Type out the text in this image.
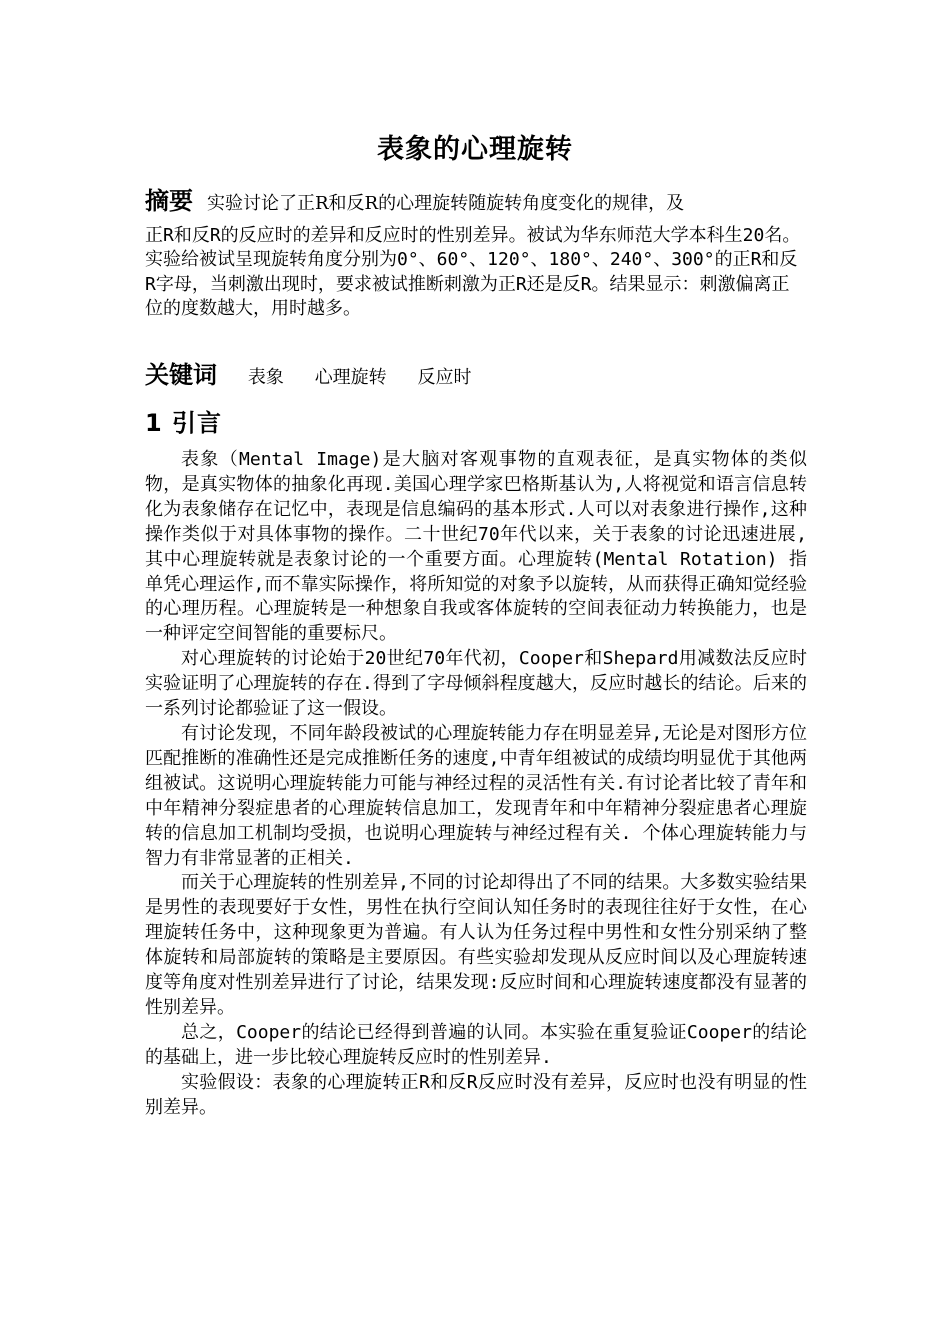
表象的心理旋转
摘要 实验讨论了正R和反R的心理旋转随旋转角度变化的规律，及
正R和反R的反应时的差异和反应时的性别差异。被试为华东师范大学本科生20名。实验给被试呈现旋转角度分别为0°、60°、120°、180°、240°、300°的正R和反R字母，当刺激出现时，要求被试推断刺激为正R还是反R。结果显示：刺激偏离正位的度数越大，用时越多。
关键词 表象 心理旋转 反应时
1 引言

表象（Mental Image)是大脑对客观事物的直观表征，是真实物体的类似物，是真实物体的抽象化再现.美国心理学家巴格斯基认为,人将视觉和语言信息转化为表象储存在记忆中，表现是信息编码的基本形式.人可以对表象进行操作,这种操作类似于对具体事物的操作。二十世纪70年代以来，关于表象的讨论迅速进展,其中心理旋转就是表象讨论的一个重要方面。心理旋转(Mental Rotation) 指单凭心理运作,而不靠实际操作，将所知觉的对象予以旋转，从而获得正确知觉经验的心理历程。心理旋转是一种想象自我或客体旋转的空间表征动力转换能力，也是一种评定空间智能的重要标尺。

对心理旋转的讨论始于20世纪70年代初，Cooper和Shepard用减数法反应时实验证明了心理旋转的存在.得到了字母倾斜程度越大，反应时越长的结论。后来的一系列讨论都验证了这一假设。

有讨论发现，不同年龄段被试的心理旋转能力存在明显差异,无论是对图形方位匹配推断的准确性还是完成推断任务的速度,中青年组被试的成绩均明显优于其他两组被试。这说明心理旋转能力可能与神经过程的灵活性有关.有讨论者比较了青年和中年精神分裂症患者的心理旋转信息加工，发现青年和中年精神分裂症患者心理旋转的信息加工机制均受损，也说明心理旋转与神经过程有关. 个体心理旋转能力与智力有非常显著的正相关.

而关于心理旋转的性别差异,不同的讨论却得出了不同的结果。大多数实验结果是男性的表现要好于女性，男性在执行空间认知任务时的表现往往好于女性，在心理旋转任务中，这种现象更为普遍。有人认为任务过程中男性和女性分别采纳了整体旋转和局部旋转的策略是主要原因。有些实验却发现从反应时间以及心理旋转速度等角度对性别差异进行了讨论，结果发现:反应时间和心理旋转速度都没有显著的性别差异。

总之，Cooper的结论已经得到普遍的认同。本实验在重复验证Cooper的结论的基础上，进一步比较心理旋转反应时的性别差异.

实验假设：表象的心理旋转正R和反R反应时没有差异，反应时也没有明显的性别差异。
